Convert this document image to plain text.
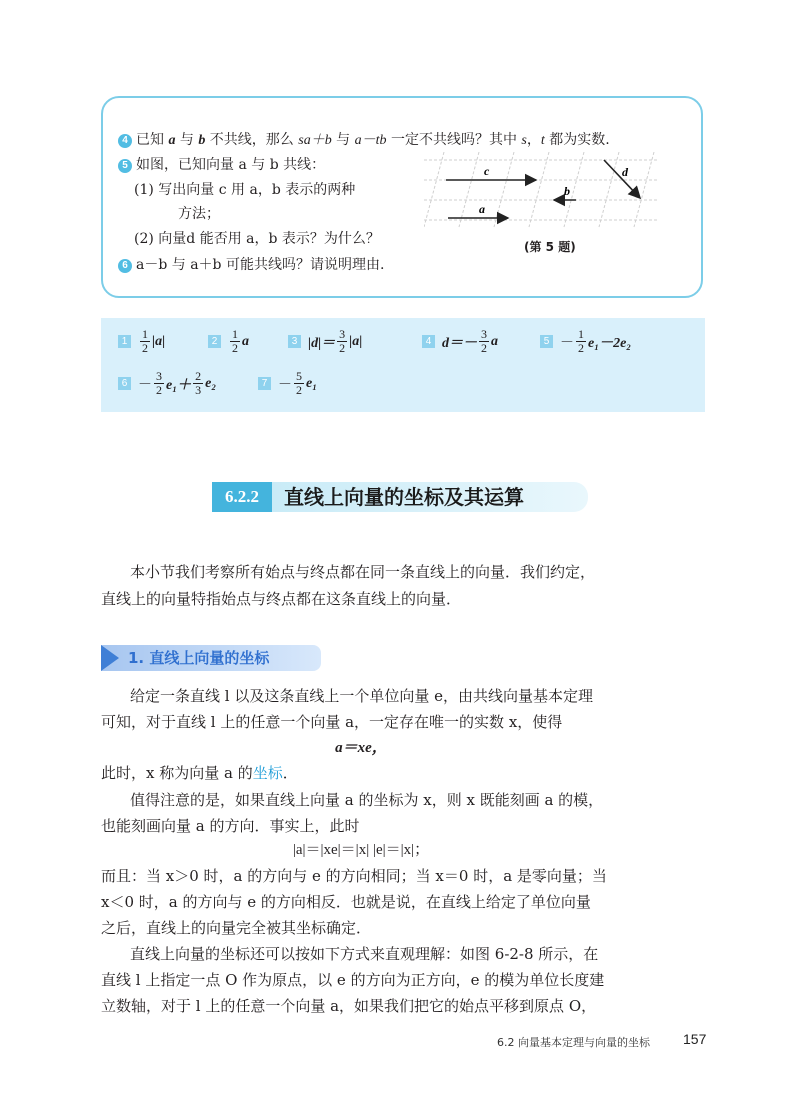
4 已知 a 与 b 不共线，那么 sa＋b 与 a－tb 一定不共线吗？其中 s，t 都为实数.
5 如图，已知向量 a 与 b 共线：
(1) 写出向量 c 用 a，b 表示的两种
方法；
(2) 向量d 能否用 a，b 表示？为什么？
6 a－b 与 a＋b 可能共线吗？请说明理由.
c
b
d
a
(第 5 题)
1	$\frac{1}{2} |a|$	2	$\frac{1}{2}$ a	3 $|d|= \frac{3}{2} |a|$	4 $d=- \frac{3}{2}$ a	$5 - \frac{1}{2} e_1-2e_2$
$6 - \frac{3}{2} e_1+ \frac{2}{3} e_2$	$7 - \frac{5}{2} e_1$
6.2.2	直线上向量的坐标及其运算
本小节我们考察所有始点与终点都在同一条直线上的向量．我们约定，
直线上的向量特指始点与终点都在这条直线上的向量．
1. 直线上向量的坐标
给定一条直线 l 以及这条直线上一个单位向量 e，由共线向量基本定理
可知，对于直线 l 上的任意一个向量 a，一定存在唯一的实数 x，使得
a＝xe，
此时，x 称为向量 a 的坐标．
值得注意的是，如果直线上向量 a 的坐标为 x，则 x 既能刻画 a 的模，
也能刻画向量 a 的方向．事实上，此时
|a|＝|xe|＝|x| |e|＝|x|；
而且：当 x＞0 时，a 的方向与 e 的方向相同；当 x＝0 时，a 是零向量；当
x＜0 时，a 的方向与 e 的方向相反．也就是说，在直线上给定了单位向量
之后，直线上的向量完全被其坐标确定．
直线上向量的坐标还可以按如下方式来直观理解：如图 6-2-8 所示，在
直线 l 上指定一点 O 作为原点，以 e 的方向为正方向，e 的模为单位长度建
立数轴，对于 l 上的任意一个向量 a，如果我们把它的始点平移到原点 O，
6.2 向量基本定理与向量的坐标 157
